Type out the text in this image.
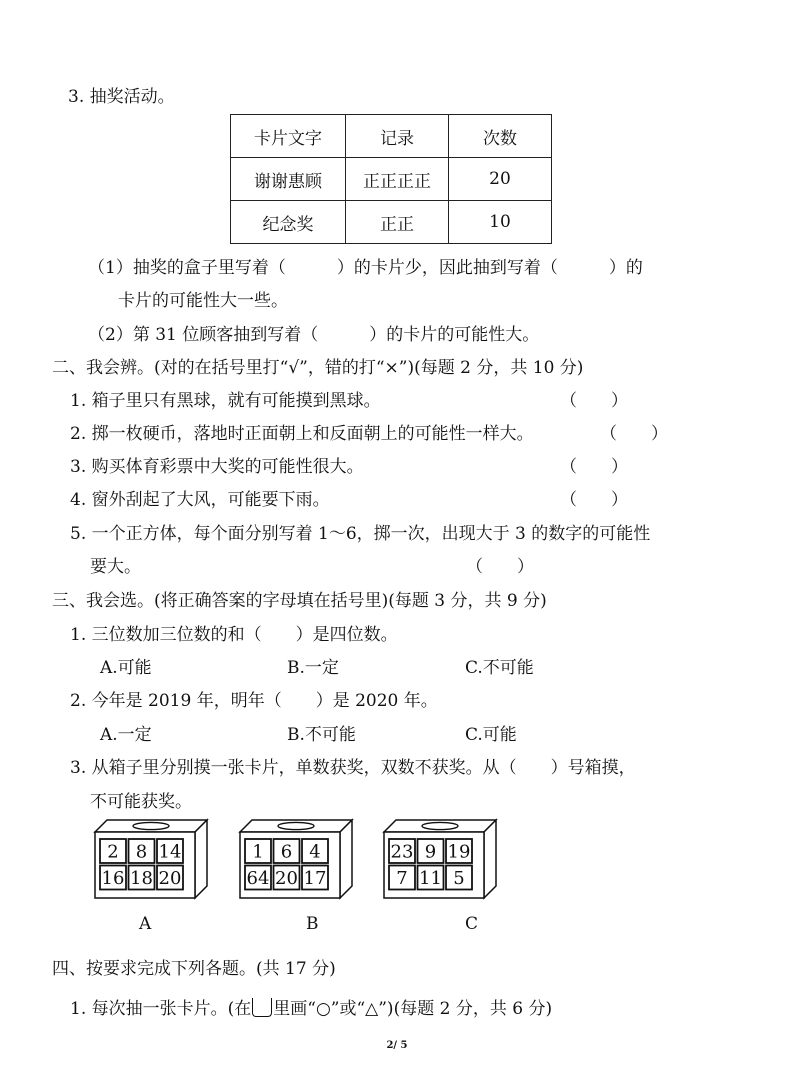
3. 抽奖活动。
卡片文字	记录	次数
谢谢惠顾	正正正正	20
纪念奖	正正	10
（1）抽奖的盒子里写着（　　　）的卡片少，因此抽到写着（　　　）的
卡片的可能性大一些。
（2）第 31 位顾客抽到写着（　　　）的卡片的可能性大。
二、我会辨。(对的在括号里打“√”，错的打“×”)(每题 2 分，共 10 分)
1. 箱子里只有黑球，就有可能摸到黑球。	（　　）
2. 掷一枚硬币，落地时正面朝上和反面朝上的可能性一样大。	（　　）
3. 购买体育彩票中大奖的可能性很大。	（　　）
4. 窗外刮起了大风，可能要下雨。	（　　）
5. 一个正方体，每个面分别写着 1～6，掷一次，出现大于 3 的数字的可能性
要大。	（　　）
三、我会选。(将正确答案的字母填在括号里)(每题 3 分，共 9 分)
1. 三位数加三位数的和（　　）是四位数。
A.可能	B.一定	C.不可能
2. 今年是 2019 年，明年（　　）是 2020 年。
A.一定	B.不可能	C.可能
3. 从箱子里分别摸一张卡片，单数获奖，双数不获奖。从（　　）号箱摸，
不可能获奖。
2 8 14
16 18 20
1 6 4
64 20 17
23 9 19
7 11 5
A	B	C
四、按要求完成下列各题。(共 17 分)
1. 每次抽一张卡片。(在 里画“○”或“△”)(每题 2 分，共 6 分)
2/ 5
